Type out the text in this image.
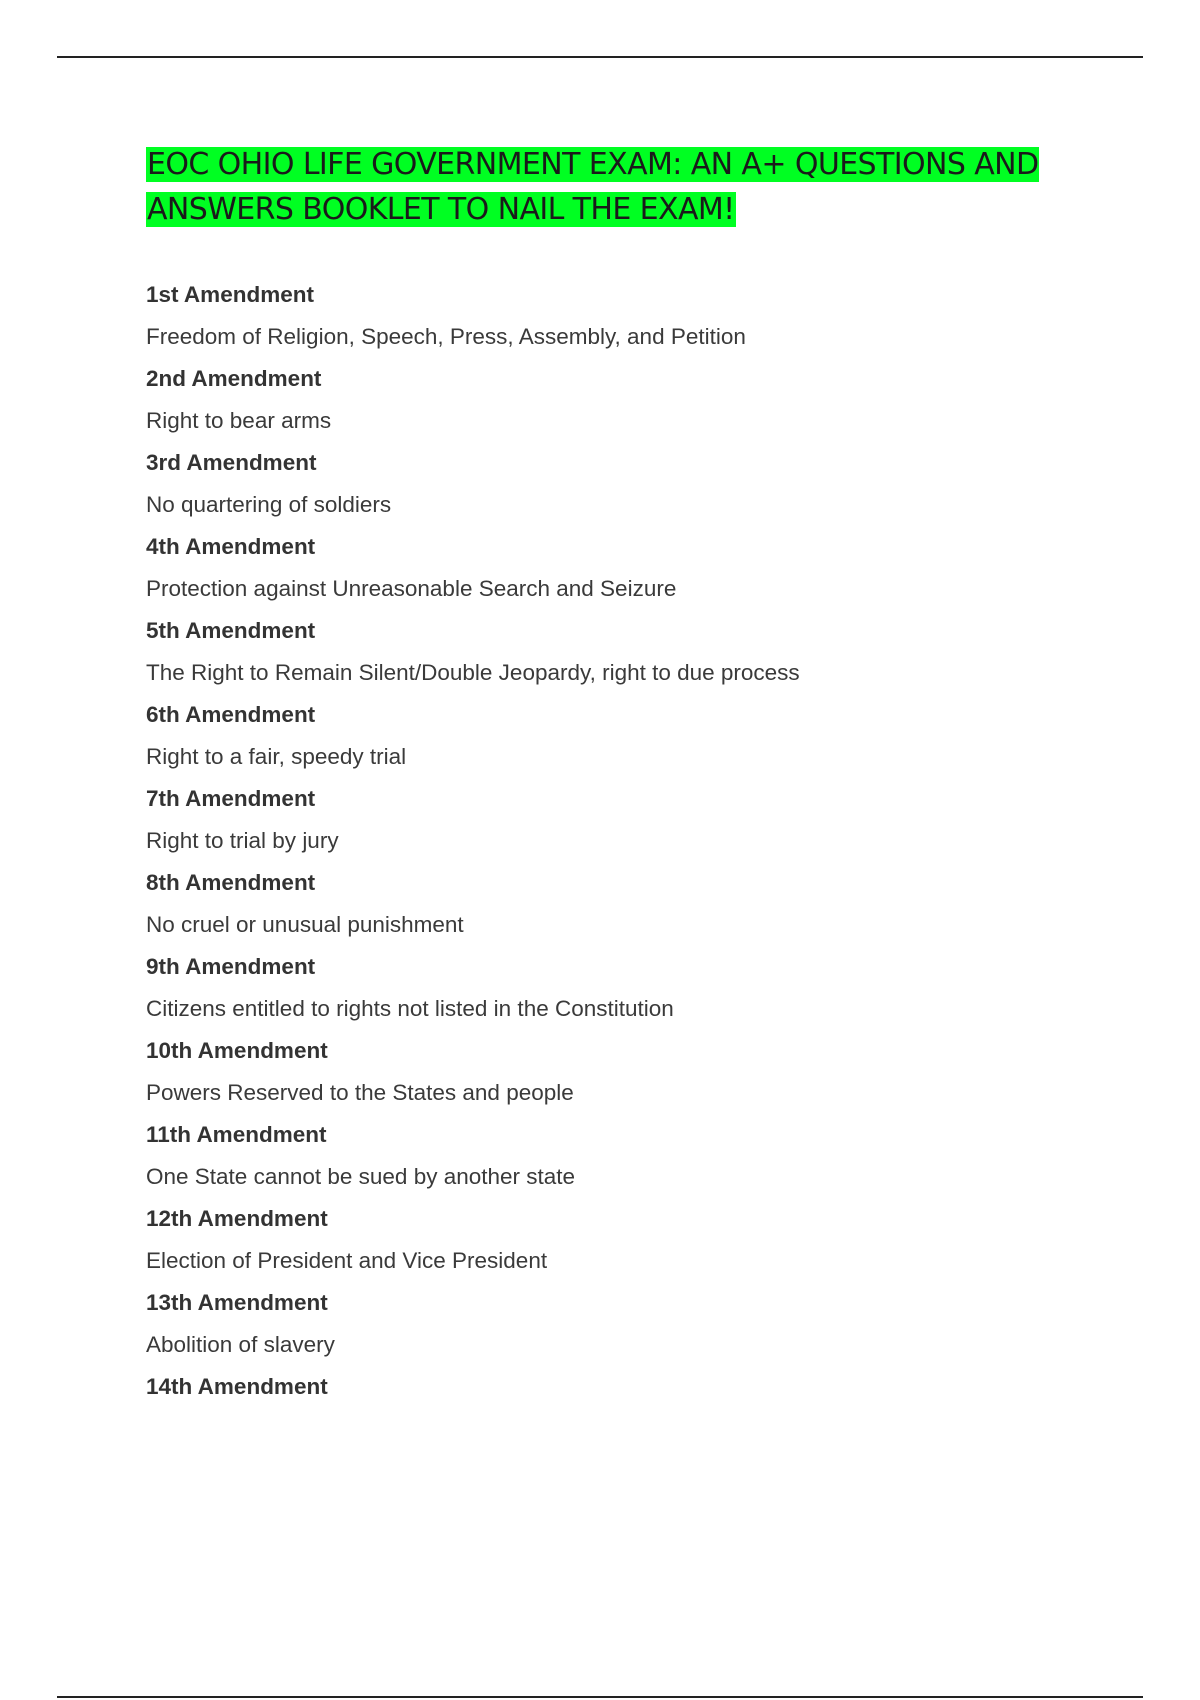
EOC OHIO LIFE GOVERNMENT EXAM: AN A+ QUESTIONS AND ANSWERS BOOKLET TO NAIL THE EXAM!
1st Amendment
Freedom of Religion, Speech, Press, Assembly, and Petition
2nd Amendment
Right to bear arms
3rd Amendment
No quartering of soldiers
4th Amendment
Protection against Unreasonable Search and Seizure
5th Amendment
The Right to Remain Silent/Double Jeopardy, right to due process
6th Amendment
Right to a fair, speedy trial
7th Amendment
Right to trial by jury
8th Amendment
No cruel or unusual punishment
9th Amendment
Citizens entitled to rights not listed in the Constitution
10th Amendment
Powers Reserved to the States and people
11th Amendment
One State cannot be sued by another state
12th Amendment
Election of President and Vice President
13th Amendment
Abolition of slavery
14th Amendment
